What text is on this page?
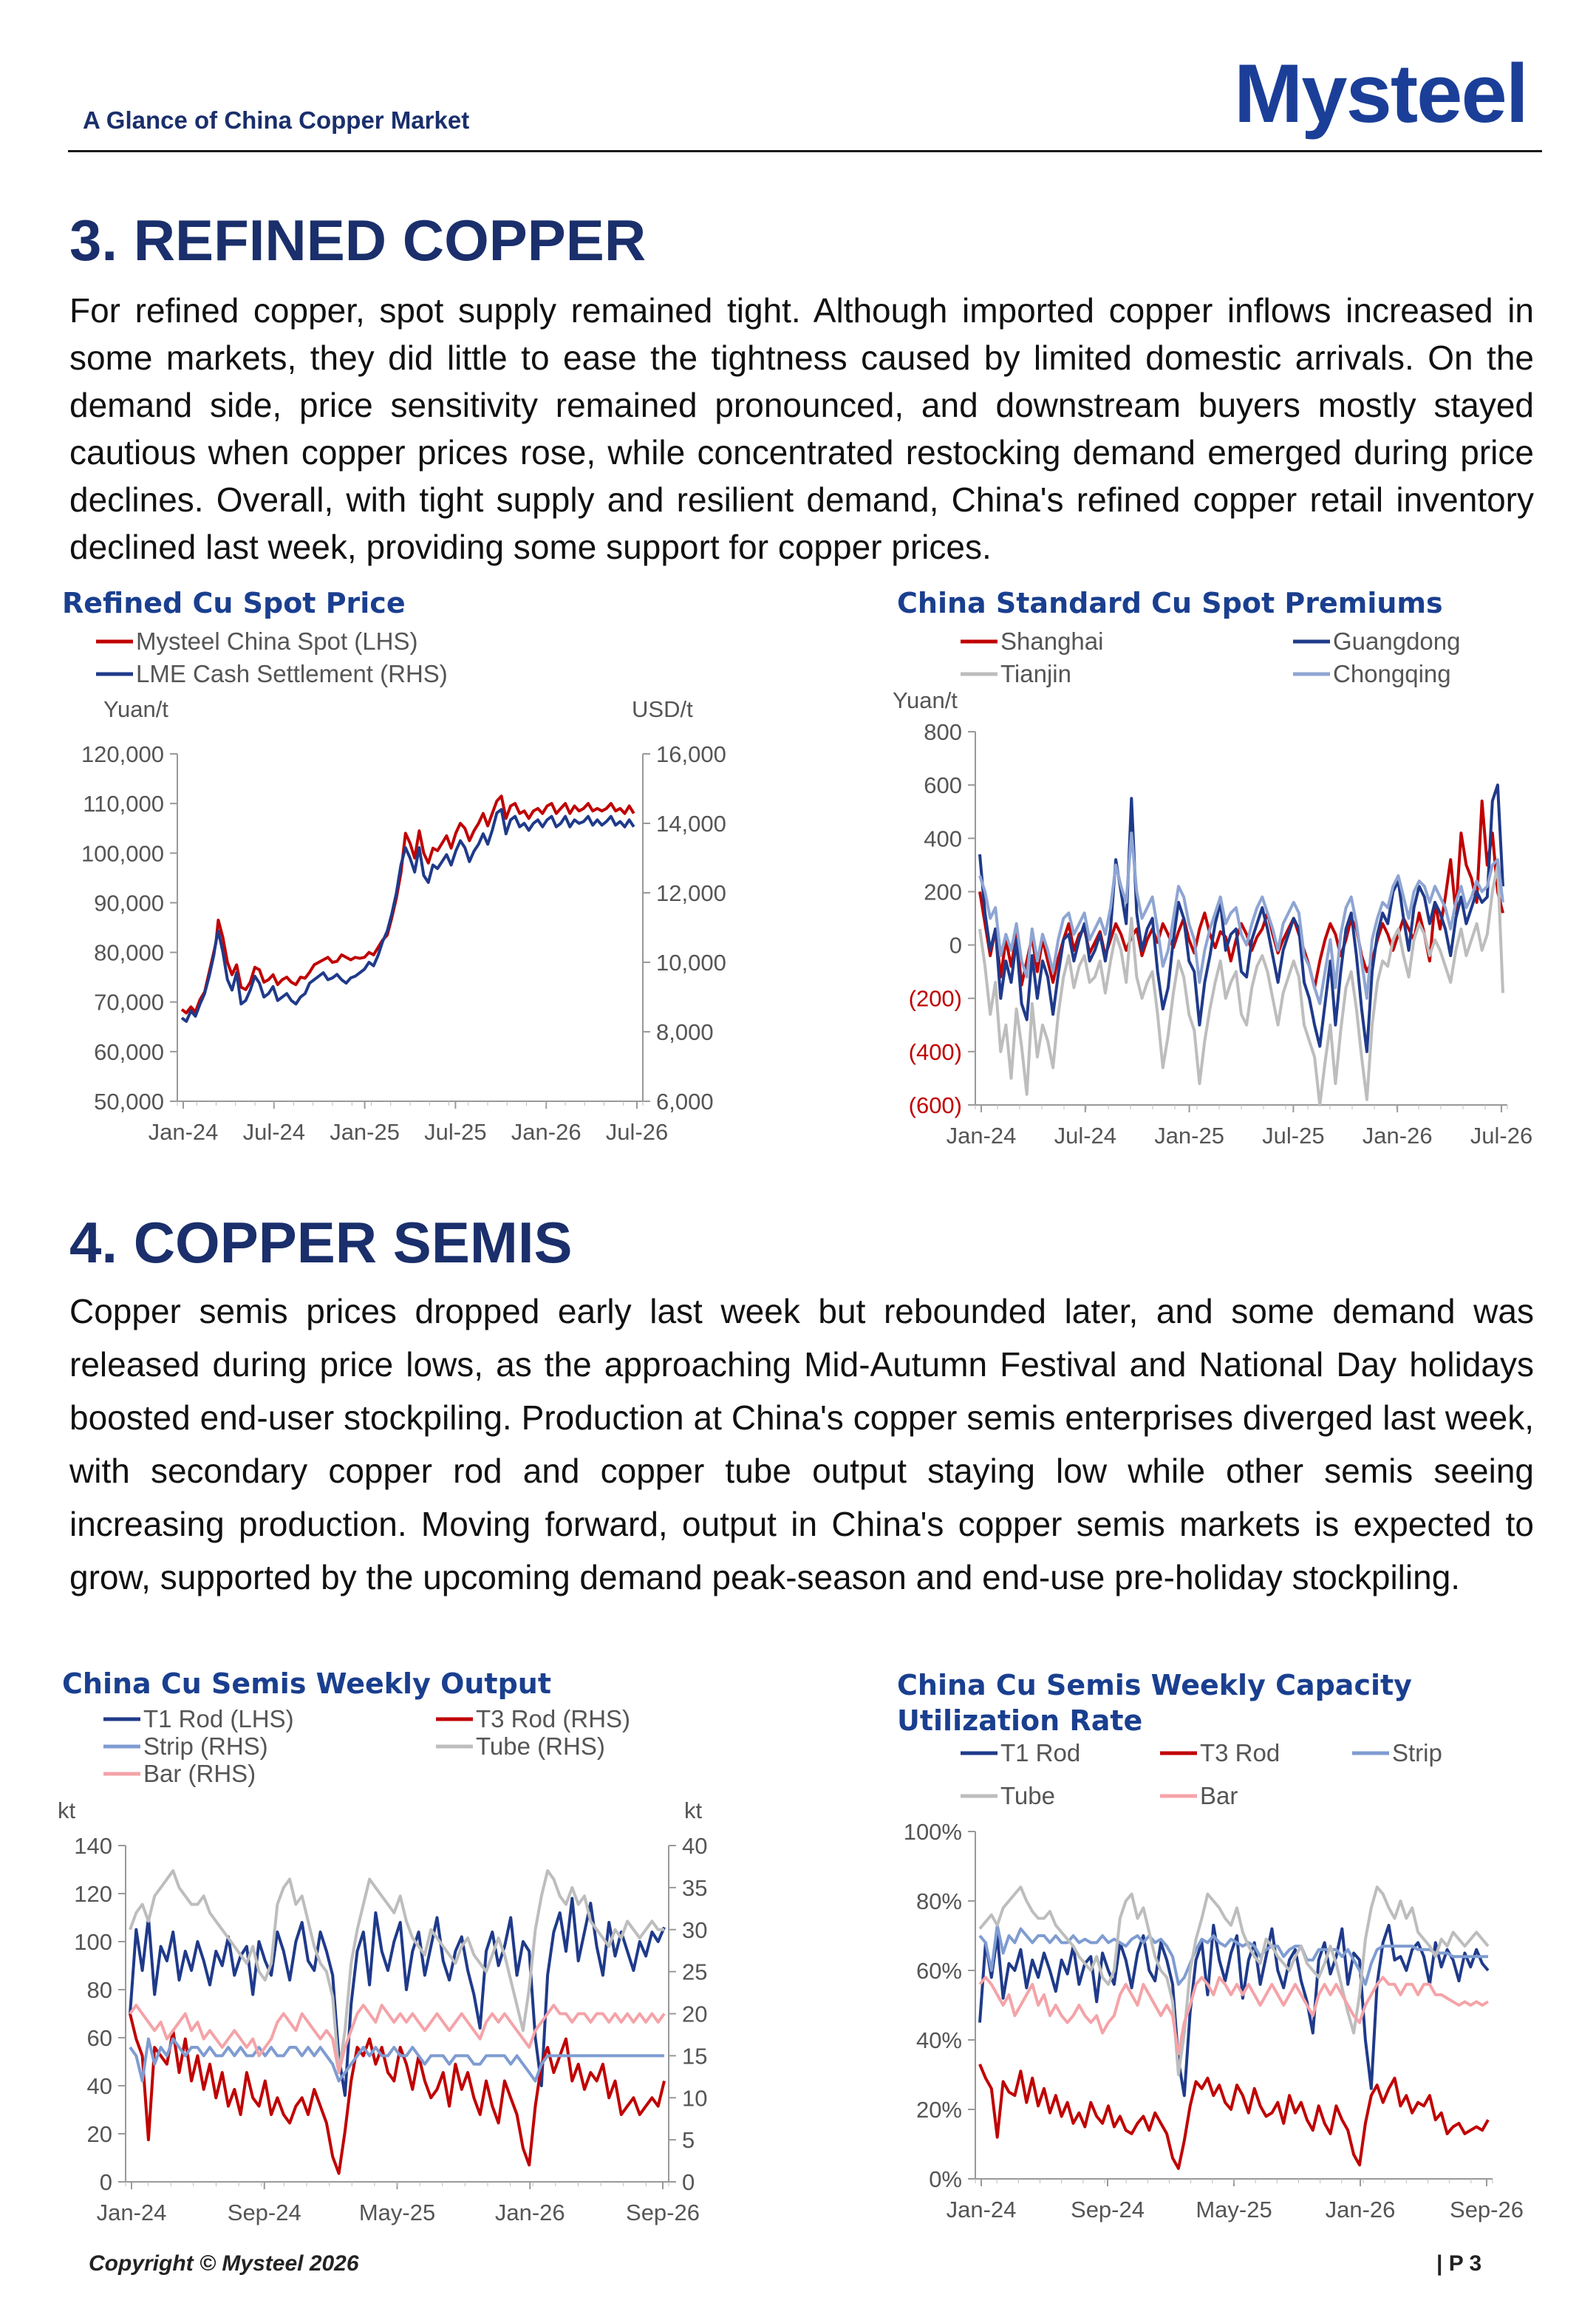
A Glance of China Copper Market	Mysteel
3. REFINED COPPER
For refined copper, spot supply remained tight. Although imported copper inflows increased in some markets, they did little to ease the tightness caused by limited domestic arrivals. On the demand side, price sensitivity remained pronounced, and downstream buyers mostly stayed cautious when copper prices rose, while concentrated restocking demand emerged during price declines. Overall, with tight supply and resilient demand, China's refined copper retail inventory declined last week, providing some support for copper prices.
Refined Cu Spot Price
Mysteel China Spot (LHS)
LME Cash Settlement (RHS)
Yuan/t	USD/t
120,000
110,000
100,000
90,000
80,000
70,000
60,000
50,000
16,000
14,000
12,000
10,000
8,000
6,000
Jan-24 Jul-24 Jan-25 Jul-25 Jan-26 Jul-26
China Standard Cu Spot Premiums
Shanghai	Guangdong
Tianjin	Chongqing
Yuan/t
800
600
400
200
0
(200)
(400)
(600)
Jan-24 Jul-24 Jan-25 Jul-25 Jan-26 Jul-26
4. COPPER SEMIS
Copper semis prices dropped early last week but rebounded later, and some demand was released during price lows, as the approaching Mid-Autumn Festival and National Day holidays boosted end-user stockpiling. Production at China's copper semis enterprises diverged last week, with secondary copper rod and copper tube output staying low while other semis seeing increasing production. Moving forward, output in China's copper semis markets is expected to grow, supported by the upcoming demand peak-season and end-use pre-holiday stockpiling.
China Cu Semis Weekly Output
T1 Rod (LHS)	T3 Rod (RHS)
Strip (RHS)	Tube (RHS)
Bar (RHS)
kt	kt
140
120
100
80
60
40
20
0
40
35
30
25
20
15
10
5
0
Jan-24	Sep-24	May-25	Jan-26	Sep-26
China Cu Semis Weekly Capacity Utilization Rate
T1 Rod	T3 Rod	Strip
Tube	Bar
100%
80%
60%
40%
20%
0%
Jan-24 Sep-24 May-25 Jan-26 Sep-26
Copyright © Mysteel 2026	| P 3
